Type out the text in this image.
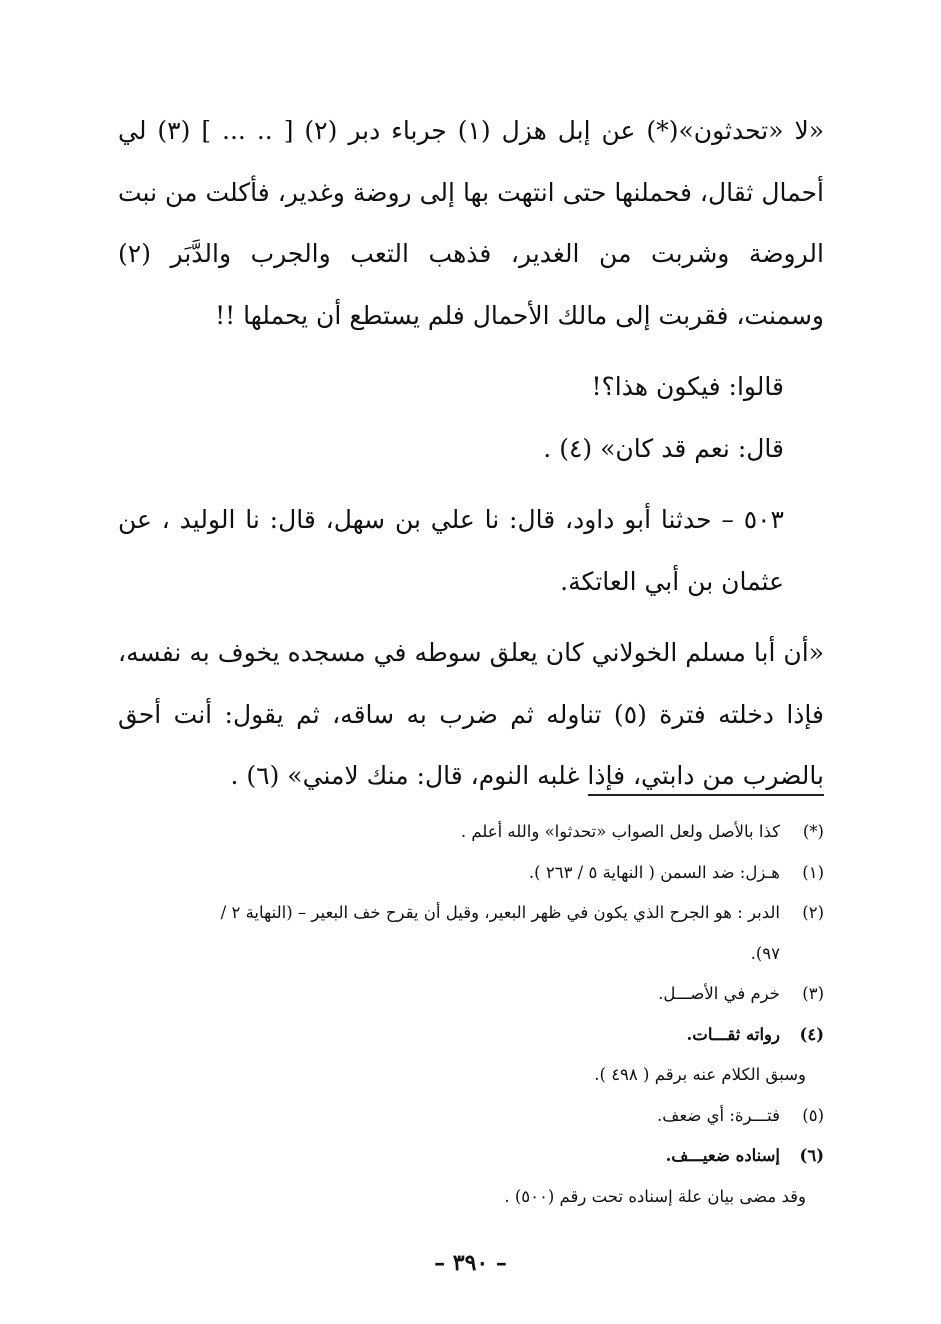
«لا «تحدثون»(*) عن إبل هزل (١) جرباء دبر (٢) [ .. ... ] (٣) لي أحمال ثقال، فحملنها حتى انتهت بها إلى روضة وغدير، فأكلت من نبت الروضة وشربت من الغدير، فذهب التعب والجرب والدَّبَر (٢) وسمنت، فقربت إلى مالك الأحمال فلم يستطع أن يحملها !!

قالوا: فيكون هذا؟!

قال: نعم قد كان» (٤) .

٥٠٣ – حدثنا أبو داود، قال: نا علي بن سهل، قال: نا الوليد ، عن عثمان بن أبي العاتكة.

«أن أبا مسلم الخولاني كان يعلق سوطه في مسجده يخوف به نفسه، فإذا دخلته فترة (٥) تناوله ثم ضرب به ساقه، ثم يقول: أنت أحق بالضرب من دابتي، فإذا غلبه النوم، قال: منك لامني» (٦) .

(*)
كذا بالأصل ولعل الصواب «تحدثوا» والله أعلم .
(١)
هـزل: ضد السمن ( النهاية ٥ / ٢٦٣ ).
(٢)
الدبر : هو الجرح الذي يكون في ظهر البعير، وقيل أن يقرح خف البعير – (النهاية ٢ /
٩٧).
(٣)
خرم في الأصـــل.
(٤)
رواته ثقـــات.
وسبق الكلام عنه برقم ( ٤٩٨ ).
(٥)
فتـــرة: أي ضعف.
(٦)
إسناده ضعيـــف.
وقد مضى بيان علة إسناده تحت رقم (٥٠٠) .
– ٣٩٠ –
